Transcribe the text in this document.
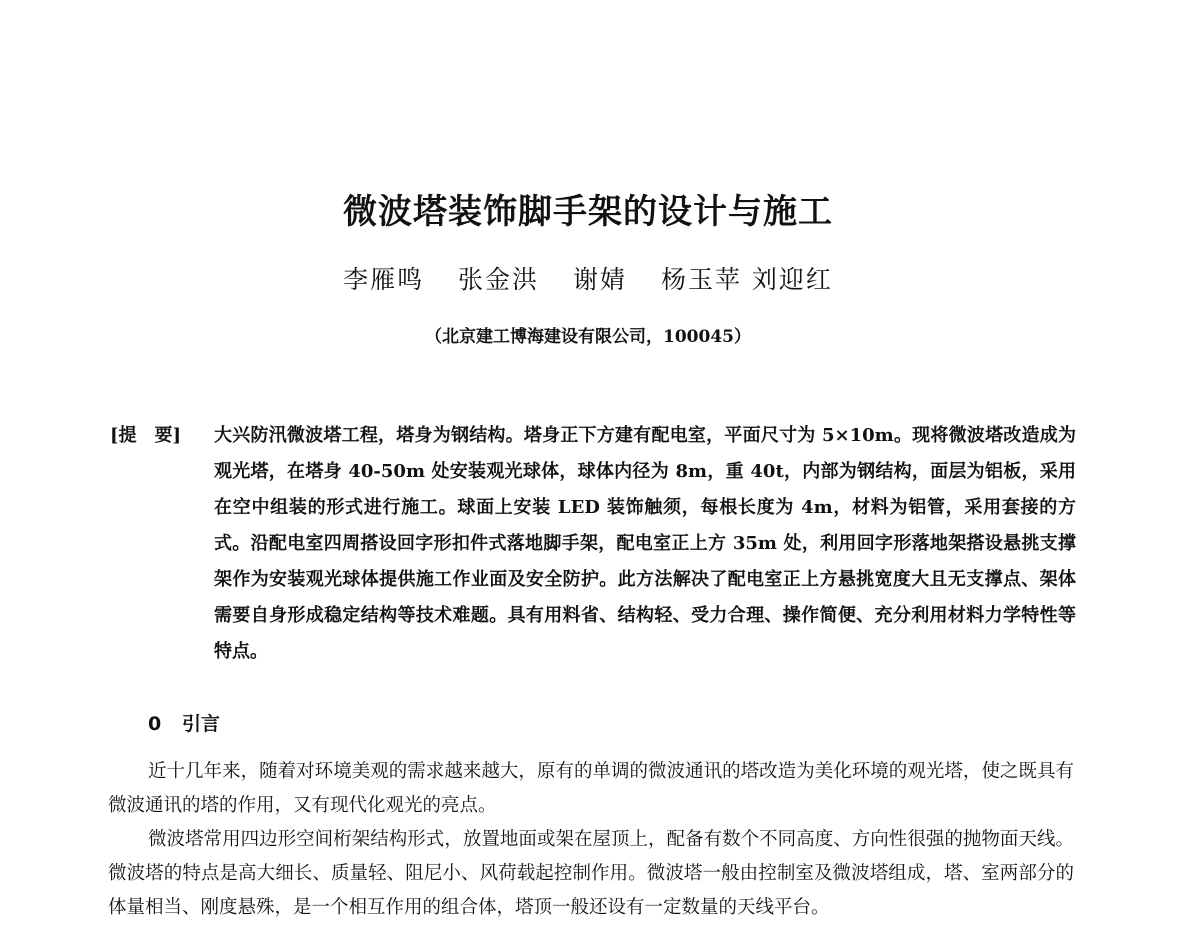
微波塔装饰脚手架的设计与施工
李雁鸣 张金洪 谢婧 杨玉苹 刘迎红
（北京建工博海建设有限公司，100045）
[提　要]	大兴防汛微波塔工程，塔身为钢结构。塔身正下方建有配电室，平面尺寸为 5×10m。现将微波塔改造成为观光塔，在塔身 40-50m 处安装观光球体，球体内径为 8m，重 40t，内部为钢结构，面层为铝板，采用在空中组装的形式进行施工。球面上安装 LED 装饰触须，每根长度为 4m，材料为铝管，采用套接的方式。沿配电室四周搭设回字形扣件式落地脚手架，配电室正上方 35m 处，利用回字形落地架搭设悬挑支撑架作为安装观光球体提供施工作业面及安全防护。此方法解决了配电室正上方悬挑宽度大且无支撑点、架体需要自身形成稳定结构等技术难题。具有用料省、结构轻、受力合理、操作简便、充分利用材料力学特性等特点。
0 引言

近十几年来，随着对环境美观的需求越来越大，原有的单调的微波通讯的塔改造为美化环境的观光塔，使之既具有微波通讯的塔的作用，又有现代化观光的亮点。

微波塔常用四边形空间桁架结构形式，放置地面或架在屋顶上，配备有数个不同高度、方向性很强的抛物面天线。微波塔的特点是高大细长、质量轻、阻尼小、风荷载起控制作用。微波塔一般由控制室及微波塔组成，塔、室两部分的体量相当、刚度悬殊，是一个相互作用的组合体，塔顶一般还设有一定数量的天线平台。
